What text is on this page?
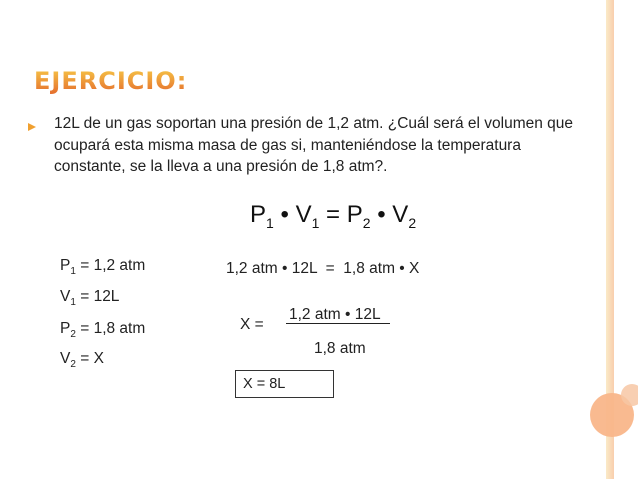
EJERCICIO:
12L de un gas soportan una presión de 1,2 atm. ¿Cuál será el volumen que ocupará esta misma masa de gas si, manteniéndose la temperatura constante, se la lleva a una presión de 1,8 atm?.
$P_1$ • $V_1 = P_2$ • $V_2$
$P_1 = 1,2$ atm
$V_1 = 12L$
$P_2 = 1,8$ atm
$V_2 = X$
1,2 atm • 12L  =  1,8 atm • X
X =
1,2 atm • 12L
1,8 atm
X = 8L
